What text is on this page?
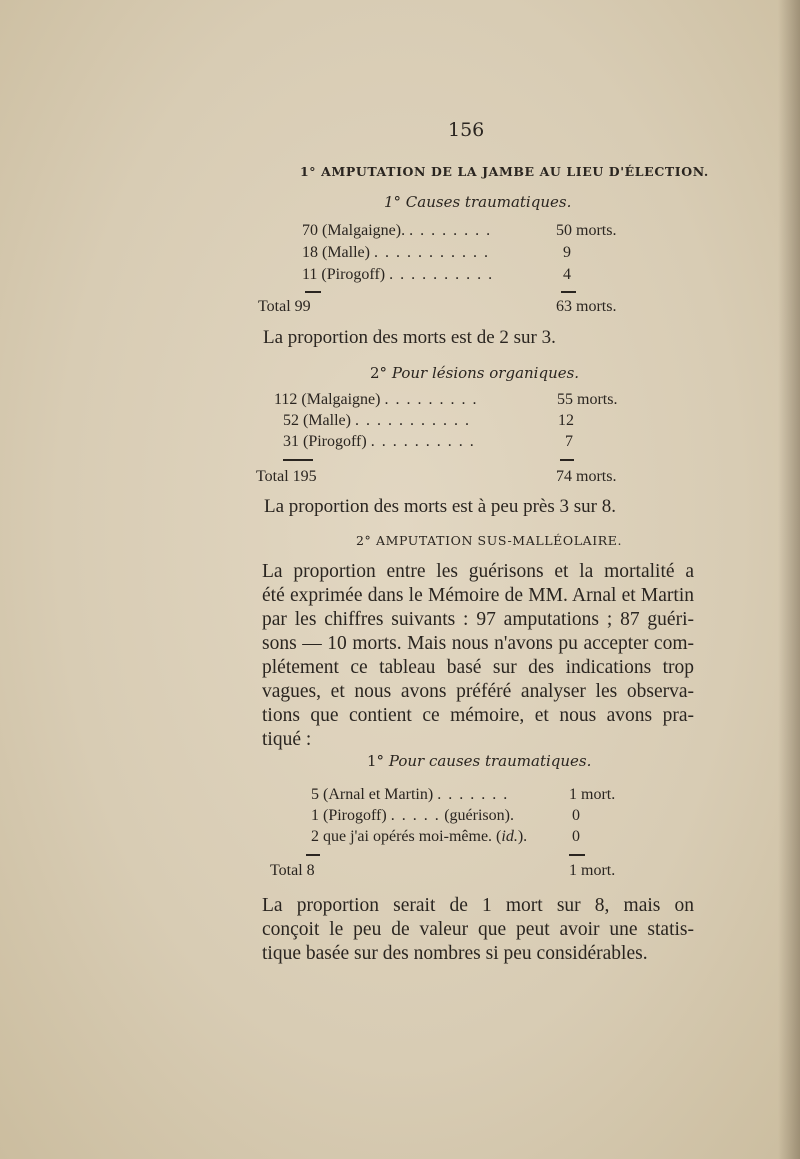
156
1° AMPUTATION DE LA JAMBE AU LIEU D'ÉLECTION.
1° Causes traumatiques.
70 (Malgaigne). . . . . . . . .	50 morts.
18 (Malle) . . . . . . . . . . .	9
11 (Pirogoff) . . . . . . . . . .	4
Total 99	63 morts.
La proportion des morts est de 2 sur 3.
2° Pour lésions organiques.
112 (Malgaigne) . . . . . . . . .	55 morts.
52 (Malle) . . . . . . . . . . .	12
31 (Pirogoff) . . . . . . . . . .	7
Total 195	74 morts.
La proportion des morts est à peu près 3 sur 8.
2° AMPUTATION SUS-MALLÉOLAIRE.
La proportion entre les guérisons et la mortalité a
été exprimée dans le Mémoire de MM. Arnal et Martin
par les chiffres suivants : 97 amputations ; 87 guéri-
sons — 10 morts. Mais nous n'avons pu accepter com-
plétement ce tableau basé sur des indications trop
vagues, et nous avons préféré analyser les observa-
tions que contient ce mémoire, et nous avons pra-
tiqué :
1° Pour causes traumatiques.
5 (Arnal et Martin) . . . . . . .	1 mort.
1 (Pirogoff) . . . . . (guérison).	0
2 que j'ai opérés moi-même. (id.).	0
Total 8	1 mort.
La proportion serait de 1 mort sur 8, mais on
conçoit le peu de valeur que peut avoir une statis-
tique basée sur des nombres si peu considérables.
